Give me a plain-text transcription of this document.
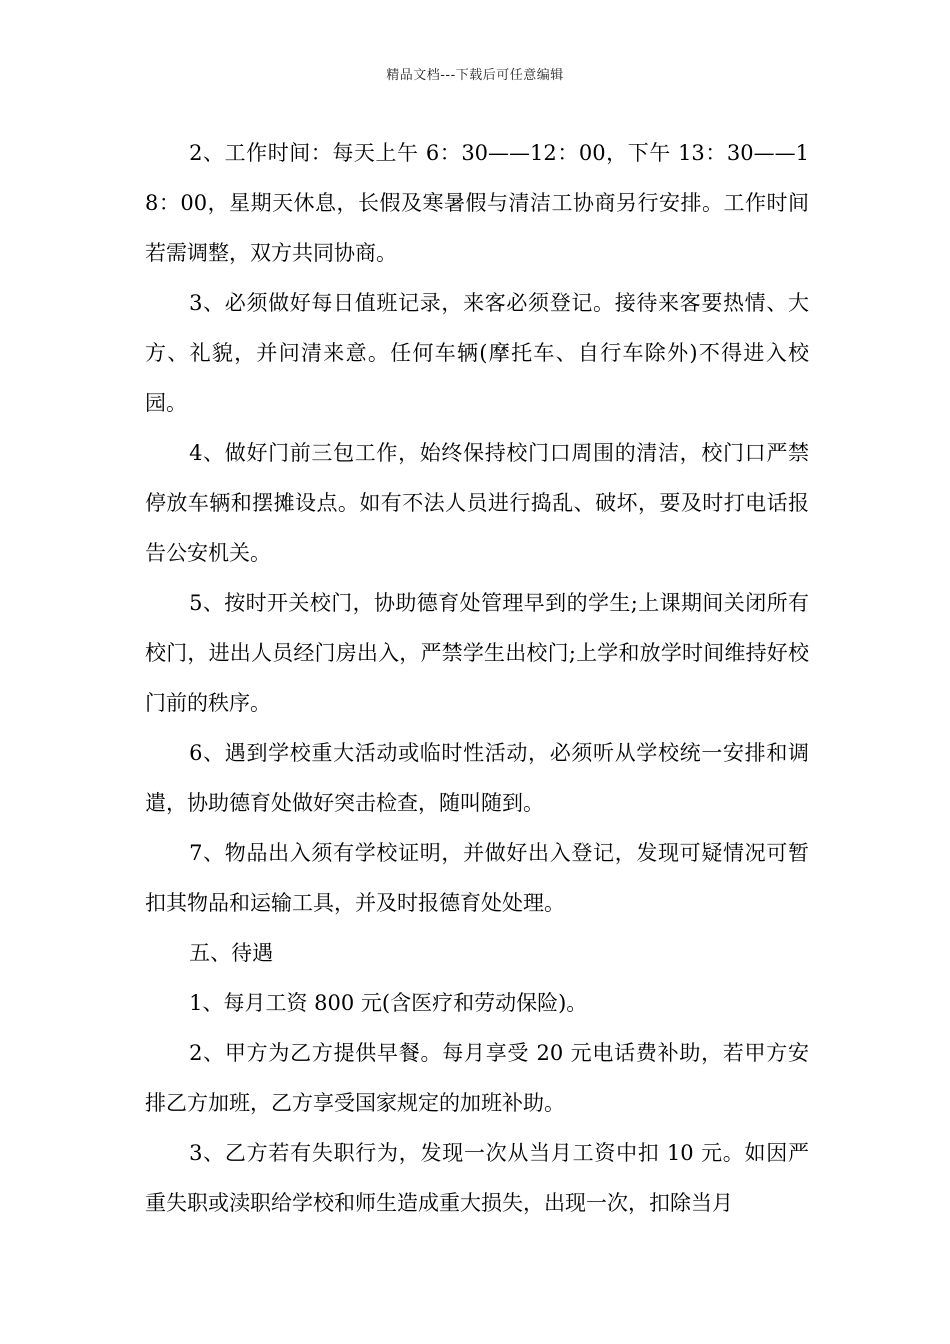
精品文档---下载后可任意编辑

2、工作时间：每天上午 6：30——12：00，下午 13：30——18：00，星期天休息，长假及寒暑假与清洁工协商另行安排。工作时间若需调整，双方共同协商。

3、必须做好每日值班记录，来客必须登记。接待来客要热情、大方、礼貌，并问清来意。任何车辆(摩托车、自行车除外)不得进入校园。

4、做好门前三包工作，始终保持校门口周围的清洁，校门口严禁停放车辆和摆摊设点。如有不法人员进行捣乱、破坏，要及时打电话报告公安机关。

5、按时开关校门，协助德育处管理早到的学生;上课期间关闭所有校门，进出人员经门房出入，严禁学生出校门;上学和放学时间维持好校门前的秩序。

6、遇到学校重大活动或临时性活动，必须听从学校统一安排和调遣，协助德育处做好突击检查，随叫随到。

7、物品出入须有学校证明，并做好出入登记，发现可疑情况可暂扣其物品和运输工具，并及时报德育处处理。

五、待遇

1、每月工资 800 元(含医疗和劳动保险)。

2、甲方为乙方提供早餐。每月享受 20 元电话费补助，若甲方安排乙方加班，乙方享受国家规定的加班补助。

3、乙方若有失职行为，发现一次从当月工资中扣 10 元。如因严重失职或渎职给学校和师生造成重大损失，出现一次，扣除当月
